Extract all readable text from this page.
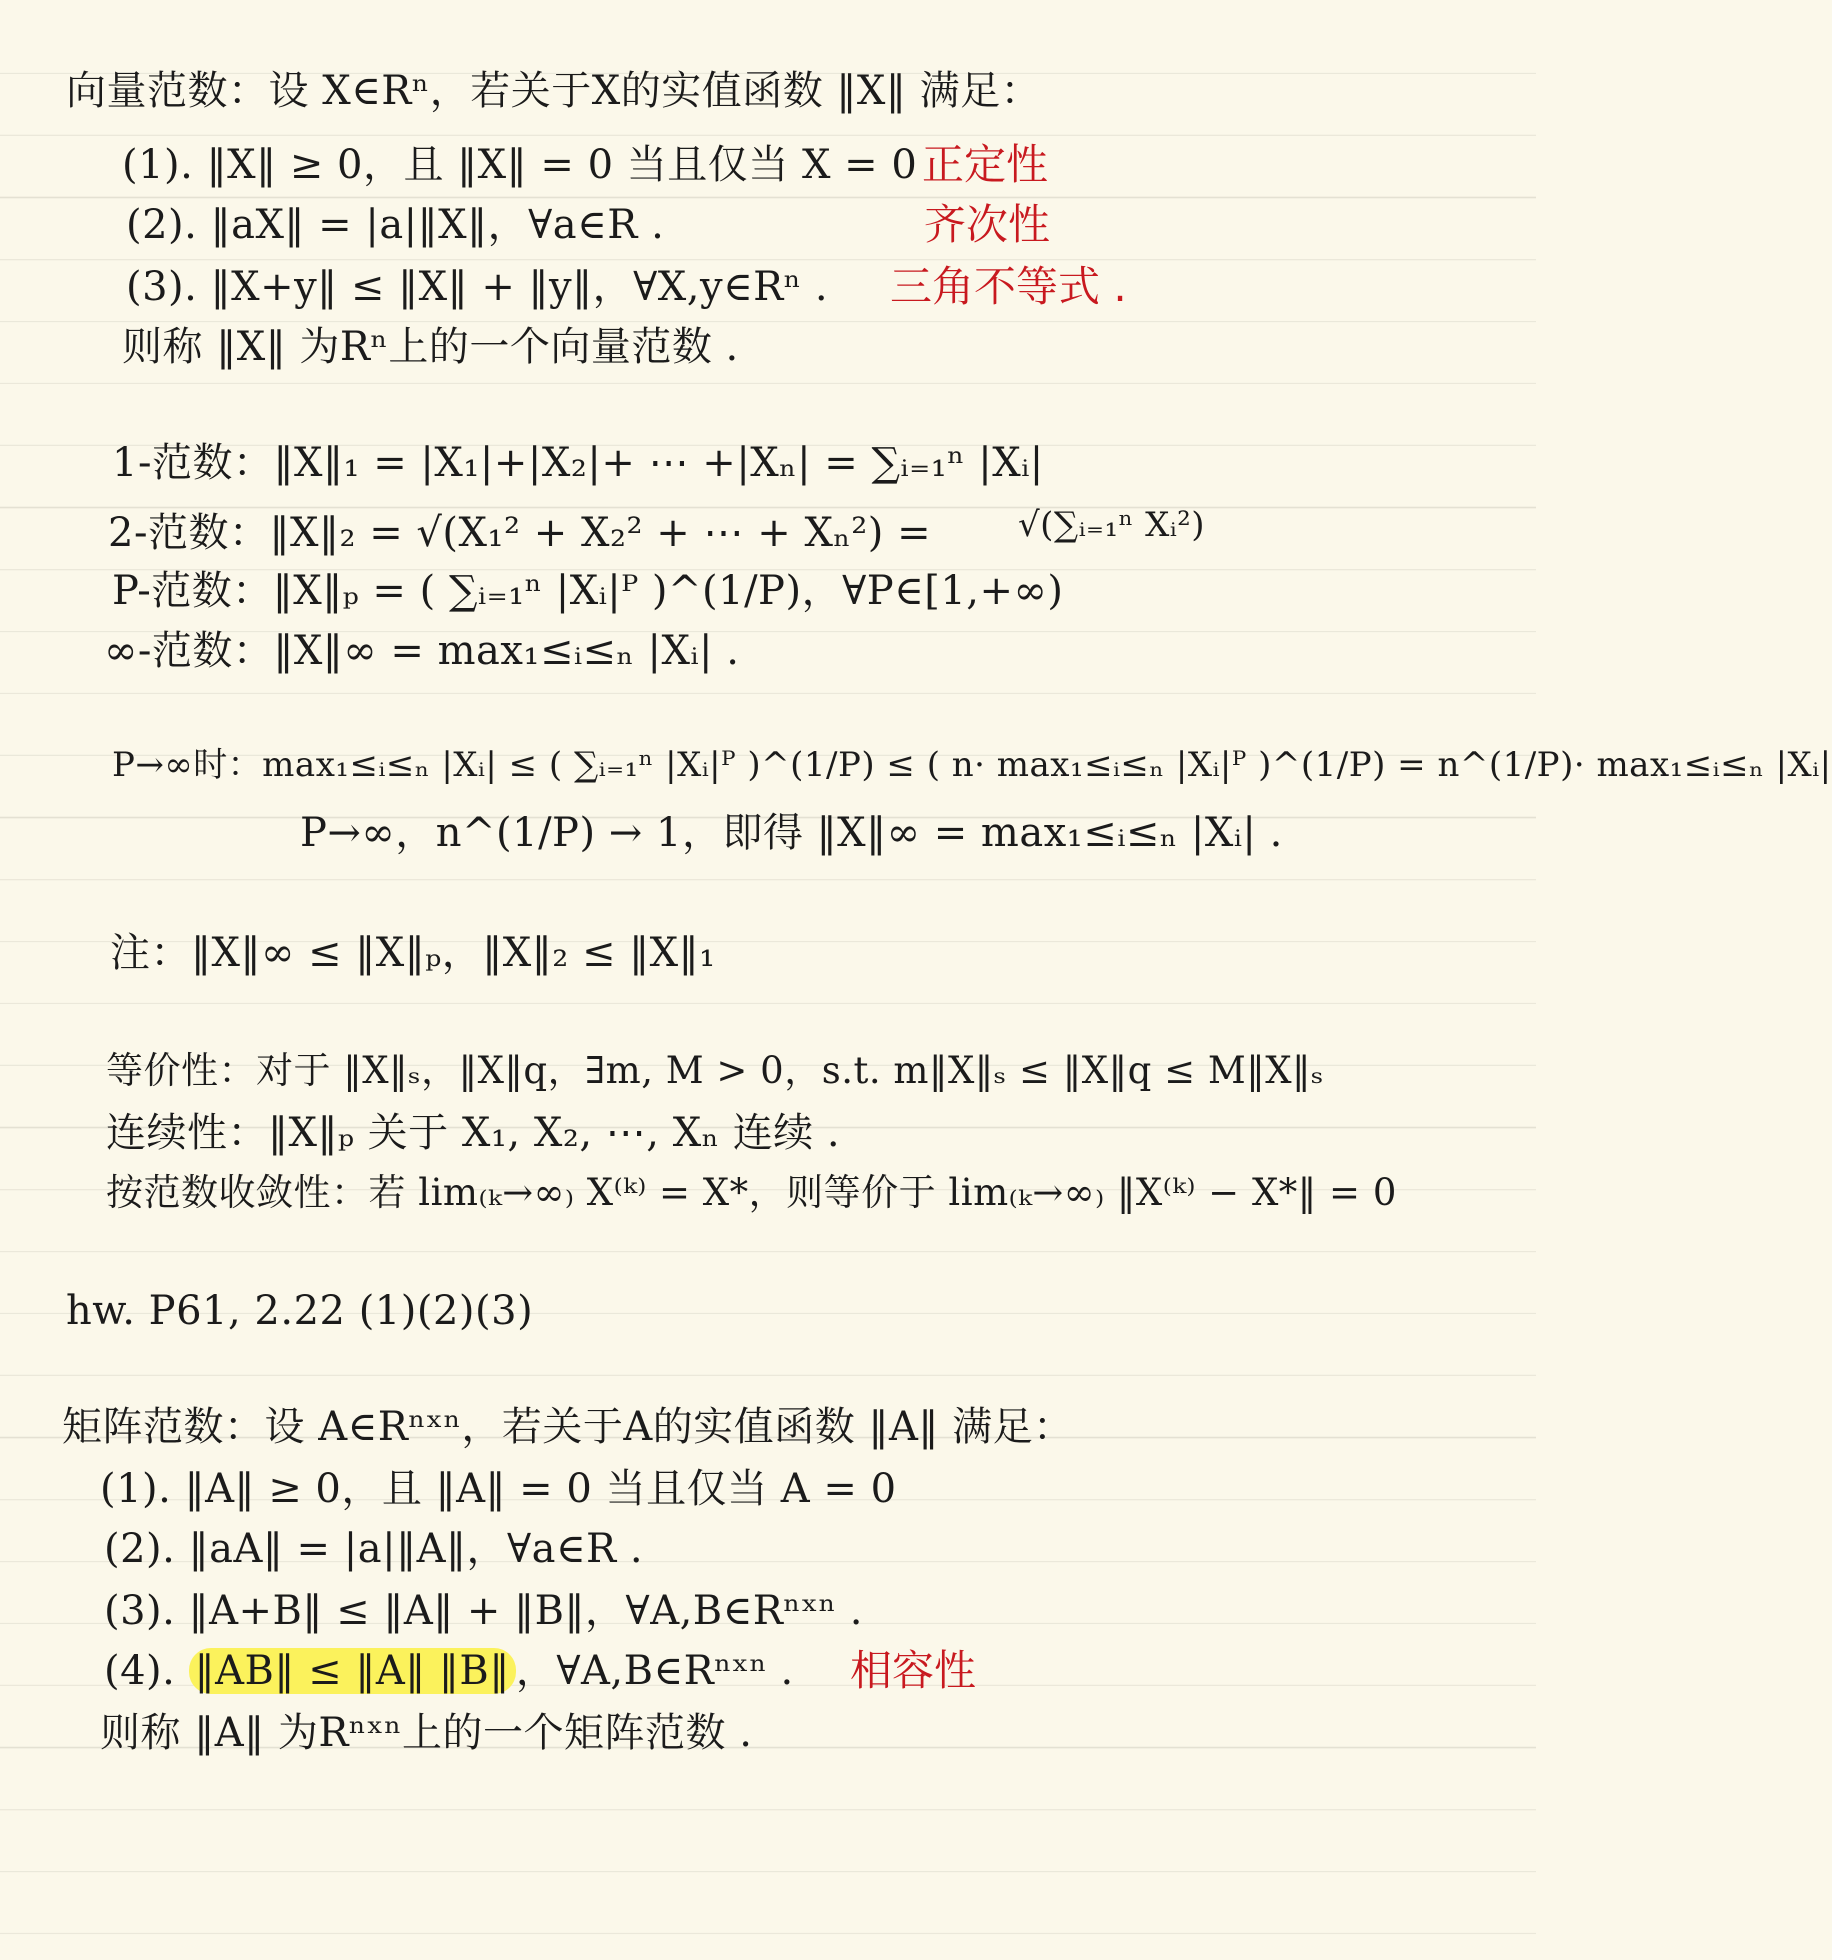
向量范数：设 X∈Rⁿ，若关于X的实值函数 ‖X‖ 满足：
(1). ‖X‖ ≥ 0，且 ‖X‖ = 0 当且仅当 X = 0 正定性
(2). ‖aX‖ = |a|‖X‖，∀a∈R .	齐次性
(3). ‖X+y‖ ≤ ‖X‖ + ‖y‖，∀X,y∈Rⁿ . 三角不等式 .
则称 ‖X‖ 为Rⁿ上的一个向量范数 .
1-范数：‖X‖₁ = |X₁|+|X₂|+ ⋯ +|Xₙ| = ∑ᵢ₌₁ⁿ |Xᵢ|
2-范数：‖X‖₂ = √(X₁² + X₂² + ⋯ + Xₙ²) =	√(∑ᵢ₌₁ⁿ Xᵢ²)
P-范数：‖X‖ₚ = ( ∑ᵢ₌₁ⁿ |Xᵢ|ᴾ )^(1/P)，∀P∈[1,+∞)
∞-范数：‖X‖∞ = max₁≤ᵢ≤ₙ |Xᵢ| .
P→∞时：max₁≤ᵢ≤ₙ |Xᵢ| ≤ ( ∑ᵢ₌₁ⁿ |Xᵢ|ᴾ )^(1/P) ≤ ( n· max₁≤ᵢ≤ₙ |Xᵢ|ᴾ )^(1/P) = n^(1/P)· max₁≤ᵢ≤ₙ |Xᵢ|
P→∞，n^(1/P) → 1，即得 ‖X‖∞ = max₁≤ᵢ≤ₙ |Xᵢ| .
注：‖X‖∞ ≤ ‖X‖ₚ，‖X‖₂ ≤ ‖X‖₁
等价性：对于 ‖X‖ₛ，‖X‖q，∃m, M > 0，s.t. m‖X‖ₛ ≤ ‖X‖q ≤ M‖X‖ₛ
连续性：‖X‖ₚ 关于 X₁, X₂, ⋯, Xₙ 连续 .
按范数收敛性：若 lim₍ₖ→∞₎ X⁽ᵏ⁾ = X*，则等价于 lim₍ₖ→∞₎ ‖X⁽ᵏ⁾ − X*‖ = 0
hw. P61, 2.22 (1)(2)(3)
矩阵范数：设 A∈Rⁿˣⁿ，若关于A的实值函数 ‖A‖ 满足：
(1). ‖A‖ ≥ 0，且 ‖A‖ = 0 当且仅当 A = 0
(2). ‖aA‖ = |a|‖A‖，∀a∈R .
(3). ‖A+B‖ ≤ ‖A‖ + ‖B‖，∀A,B∈Rⁿˣⁿ .
(4). ‖AB‖ ≤ ‖A‖ ‖B‖ ，∀A,B∈Rⁿˣⁿ . 相容性
则称 ‖A‖ 为Rⁿˣⁿ上的一个矩阵范数 .
